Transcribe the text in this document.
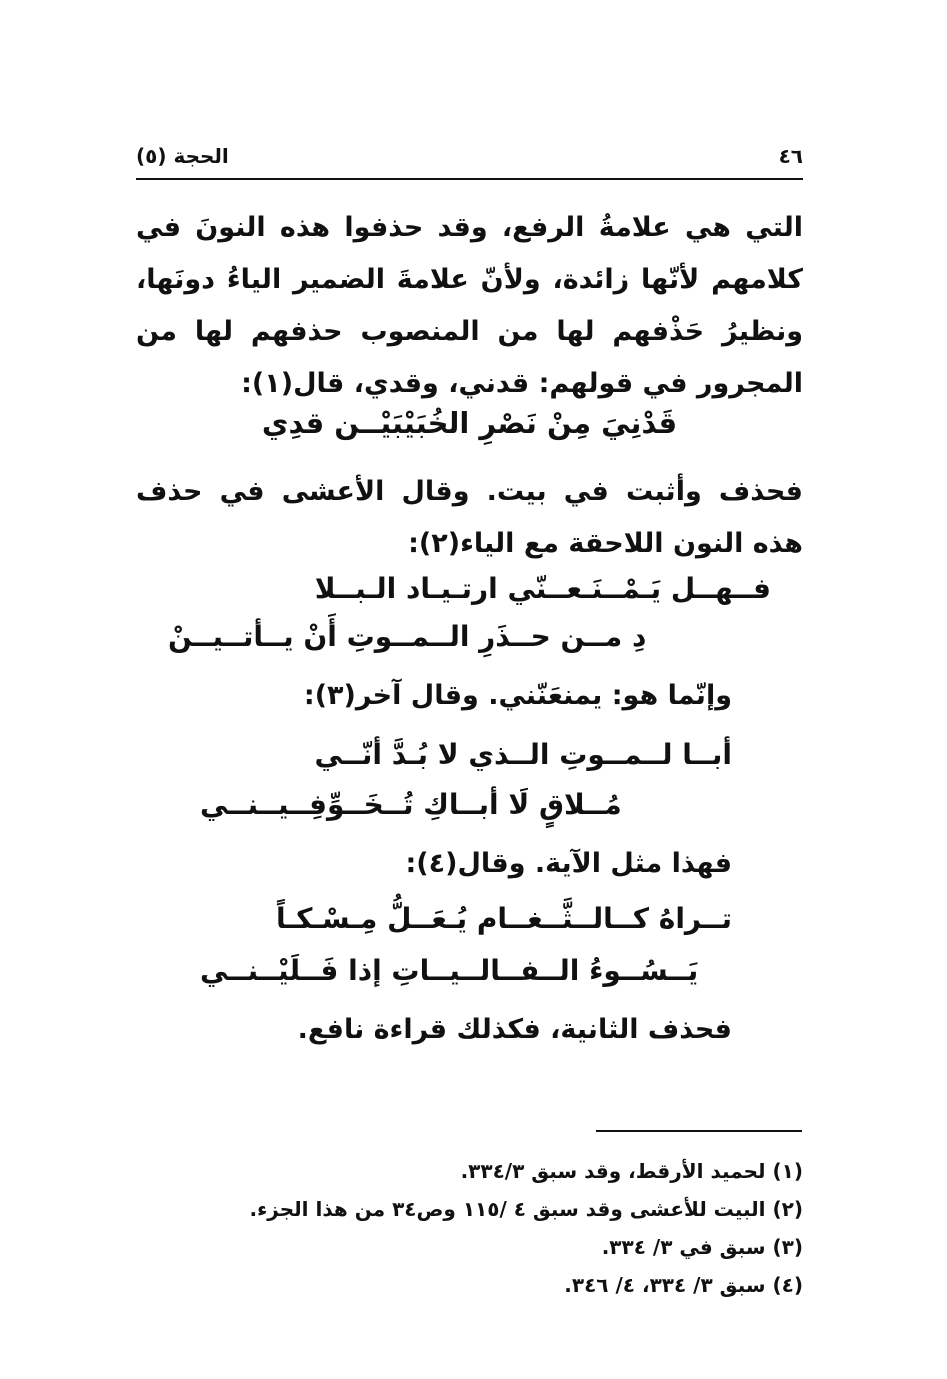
٤٦
الحجة (٥)
التي هي علامةُ الرفع، وقد حذفوا هذه النونَ في كلامهم لأنّها زائدة، ولأنّ علامةَ الضمير الياءُ دونَها، ونظيرُ حَذْفهم لها من المنصوب حذفهم لها من المجرور في قولهم: قدني، وقدي، قال(١):
قَدْنِيَ مِنْ نَصْرِ الخُبَيْبَيْــن قدِي
فحذف وأثبت في بيت. وقال الأعشى في حذف هذه النون اللاحقة مع الياء(٢):
فــهــل يَـمْــنَـعــنّي ارتـيـاد الـبــلا
دِ مــن حــذَرِ الــمــوتِ أَنْ يــأتــيــنْ
وإنّما هو: يمنعَنّني. وقال آخر(٣):
أبــا لــمــوتِ الــذي لا بُـدَّ أنّــي
مُــلاقٍ لَا أبــاكِ تُــخَــوِّفِــيــنــي
فهذا مثل الآية. وقال(٤):
تــراهُ كــالــثَّــغــام يُـعَــلُّ مِـسْـكـاً
يَــسُــوءُ الــفــالــيــاتِ إذا فَــلَيْــنــي
فحذف الثانية، فكذلك قراءة نافع.
(١) لحميد الأرقط، وقد سبق ٣٣٤/٣.
(٢) البيت للأعشى وقد سبق ٤ /١١٥ وص٣٤ من هذا الجزء.
(٣) سبق في ٣/ ٣٣٤.
(٤) سبق ٣/ ٣٣٤، ٤/ ٣٤٦.
